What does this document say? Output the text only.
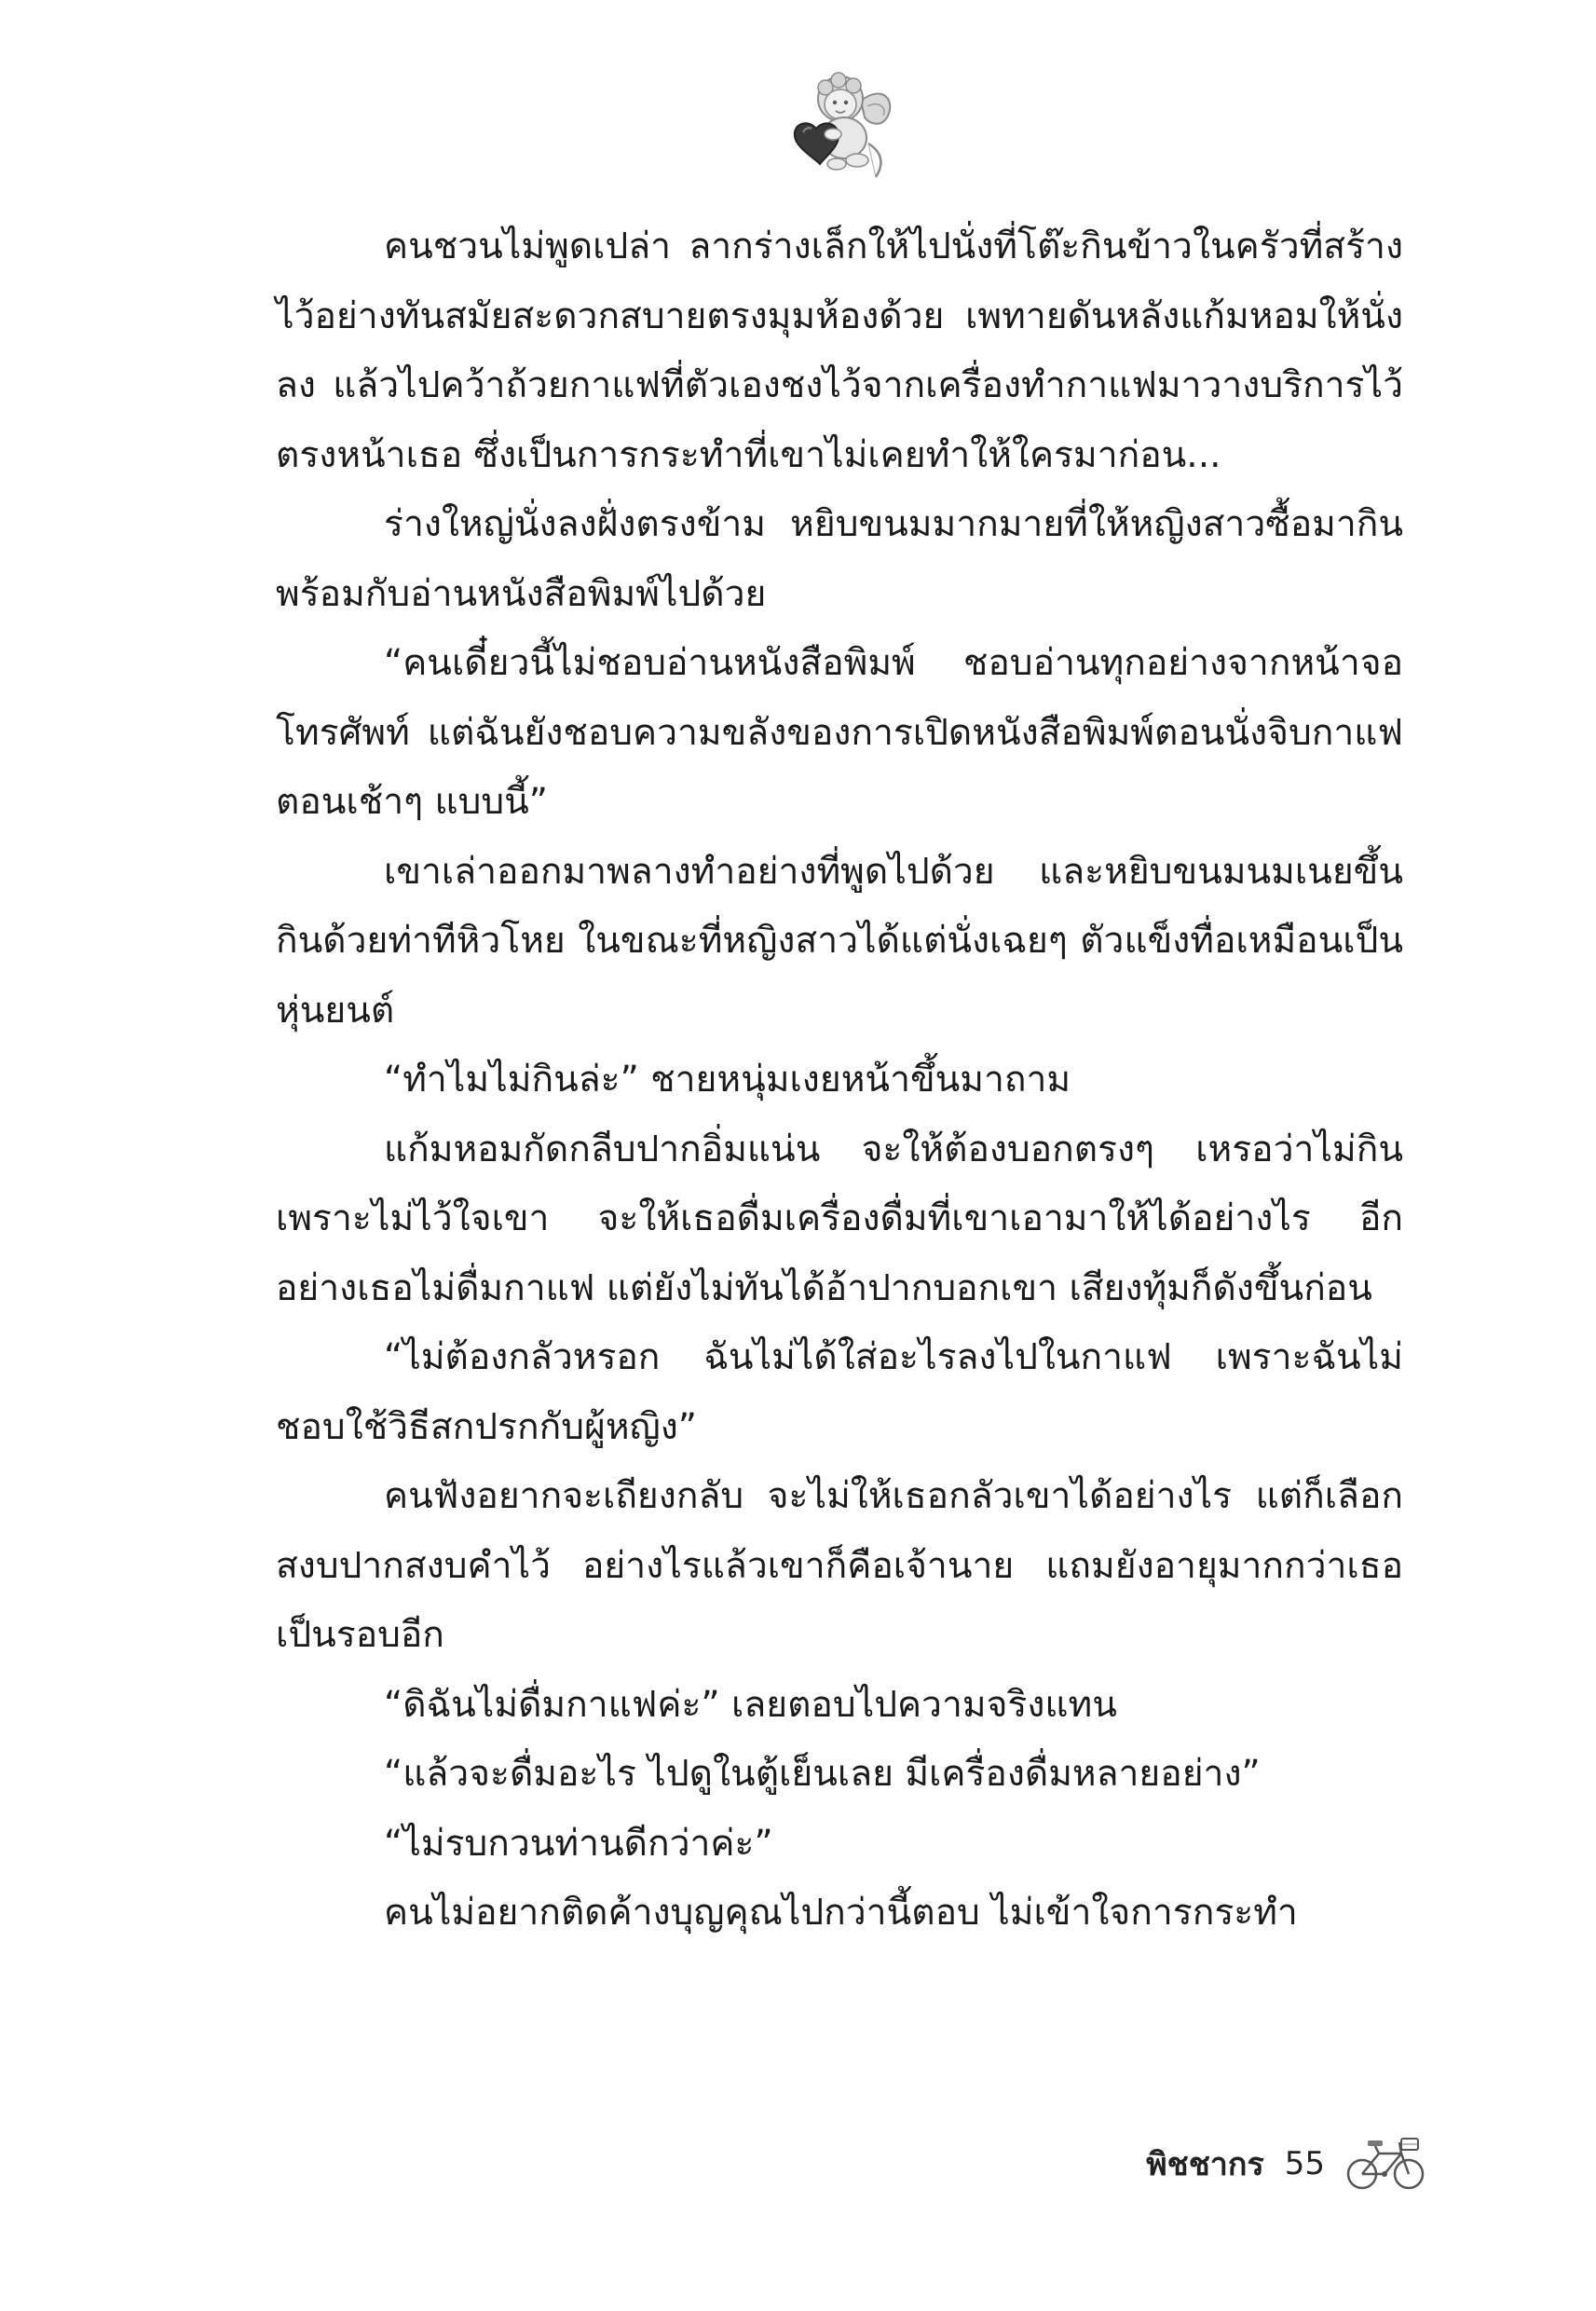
คนชวนไม่พูดเปล่า ลากร่างเล็กให้ไปนั่งที่โต๊ะกินข้าวในครัวที่สร้างไว้อย่างทันสมัยสะดวกสบายตรงมุมห้องด้วย เพทายดันหลังแก้มหอมให้นั่งลง แล้วไปคว้าถ้วยกาแฟที่ตัวเองชงไว้จากเครื่องทำกาแฟมาวางบริการไว้ตรงหน้าเธอ ซึ่งเป็นการกระทำที่เขาไม่เคยทำให้ใครมาก่อน...

ร่างใหญ่นั่งลงฝั่งตรงข้าม หยิบขนมมากมายที่ให้หญิงสาวซื้อมากินพร้อมกับอ่านหนังสือพิมพ์ไปด้วย

“คนเดี๋ยวนี้ไม่ชอบอ่านหนังสือพิมพ์ ชอบอ่านทุกอย่างจากหน้าจอโทรศัพท์ แต่ฉันยังชอบความขลังของการเปิดหนังสือพิมพ์ตอนนั่งจิบกาแฟตอนเช้าๆ แบบนี้”

เขาเล่าออกมาพลางทำอย่างที่พูดไปด้วย และหยิบขนมนมเนยขึ้นกินด้วยท่าทีหิวโหย ในขณะที่หญิงสาวได้แต่นั่งเฉยๆ ตัวแข็งทื่อเหมือนเป็นหุ่นยนต์

“ทำไมไม่กินล่ะ” ชายหนุ่มเงยหน้าขึ้นมาถาม

แก้มหอมกัดกลีบปากอิ่มแน่น จะให้ต้องบอกตรงๆ เหรอว่าไม่กินเพราะไม่ไว้ใจเขา จะให้เธอดื่มเครื่องดื่มที่เขาเอามาให้ได้อย่างไร อีกอย่างเธอไม่ดื่มกาแฟ แต่ยังไม่ทันได้อ้าปากบอกเขา เสียงทุ้มก็ดังขึ้นก่อน

“ไม่ต้องกลัวหรอก ฉันไม่ได้ใส่อะไรลงไปในกาแฟ เพราะฉันไม่ชอบใช้วิธีสกปรกกับผู้หญิง”

คนฟังอยากจะเถียงกลับ จะไม่ให้เธอกลัวเขาได้อย่างไร แต่ก็เลือกสงบปากสงบคำไว้ อย่างไรแล้วเขาก็คือเจ้านาย แถมยังอายุมากกว่าเธอเป็นรอบอีก

“ดิฉันไม่ดื่มกาแฟค่ะ” เลยตอบไปความจริงแทน

“แล้วจะดื่มอะไร ไปดูในตู้เย็นเลย มีเครื่องดื่มหลายอย่าง”

“ไม่รบกวนท่านดีกว่าค่ะ”

คนไม่อยากติดค้างบุญคุณไปกว่านี้ตอบ ไม่เข้าใจการกระทำ

พิชชากร 55
